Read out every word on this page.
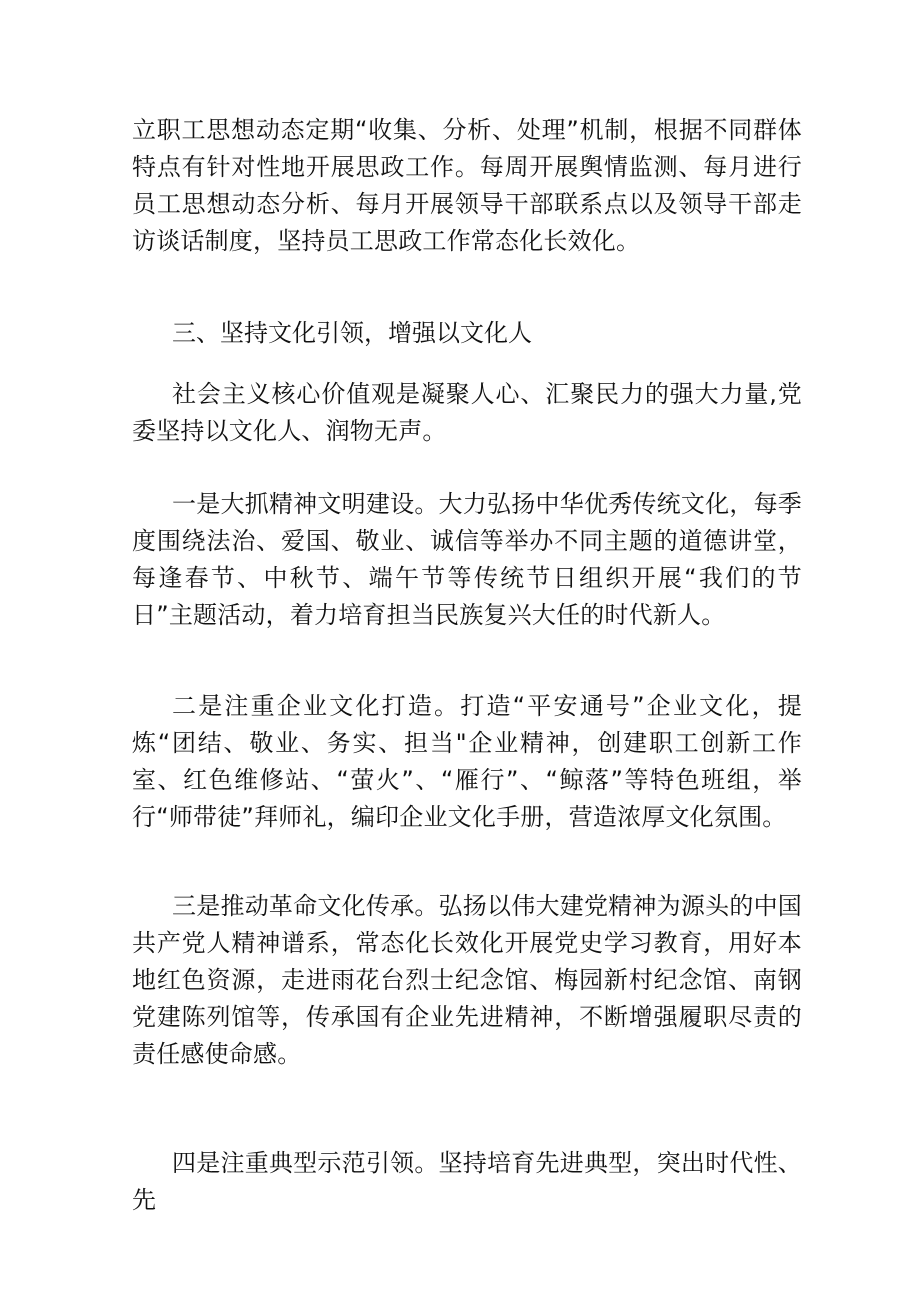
立职工思想动态定期“收集、分析、处理”机制，根据不同群体特点有针对性地开展思政工作。每周开展舆情监测、每月进行员工思想动态分析、每月开展领导干部联系点以及领导干部走访谈话制度，坚持员工思政工作常态化长效化。

三、坚持文化引领，增强以文化人

社会主义核心价值观是凝聚人心、汇聚民力的强大力量,党委坚持以文化人、润物无声。

一是大抓精神文明建设。大力弘扬中华优秀传统文化，每季度围绕法治、爱国、敬业、诚信等举办不同主题的道德讲堂，每逢春节、中秋节、端午节等传统节日组织开展“我们的节日”主题活动，着力培育担当民族复兴大任的时代新人。

二是注重企业文化打造。打造“平安通号”企业文化，提炼“团结、敬业、务实、担当"企业精神，创建职工创新工作室、红色维修站、“萤火”、“雁行”、“鲸落”等特色班组，举行“师带徒”拜师礼，编印企业文化手册，营造浓厚文化氛围。

三是推动革命文化传承。弘扬以伟大建党精神为源头的中国共产党人精神谱系，常态化长效化开展党史学习教育，用好本地红色资源，走进雨花台烈士纪念馆、梅园新村纪念馆、南钢党建陈列馆等，传承国有企业先进精神，不断增强履职尽责的责任感使命感。

四是注重典型示范引领。坚持培育先进典型，突出时代性、先
